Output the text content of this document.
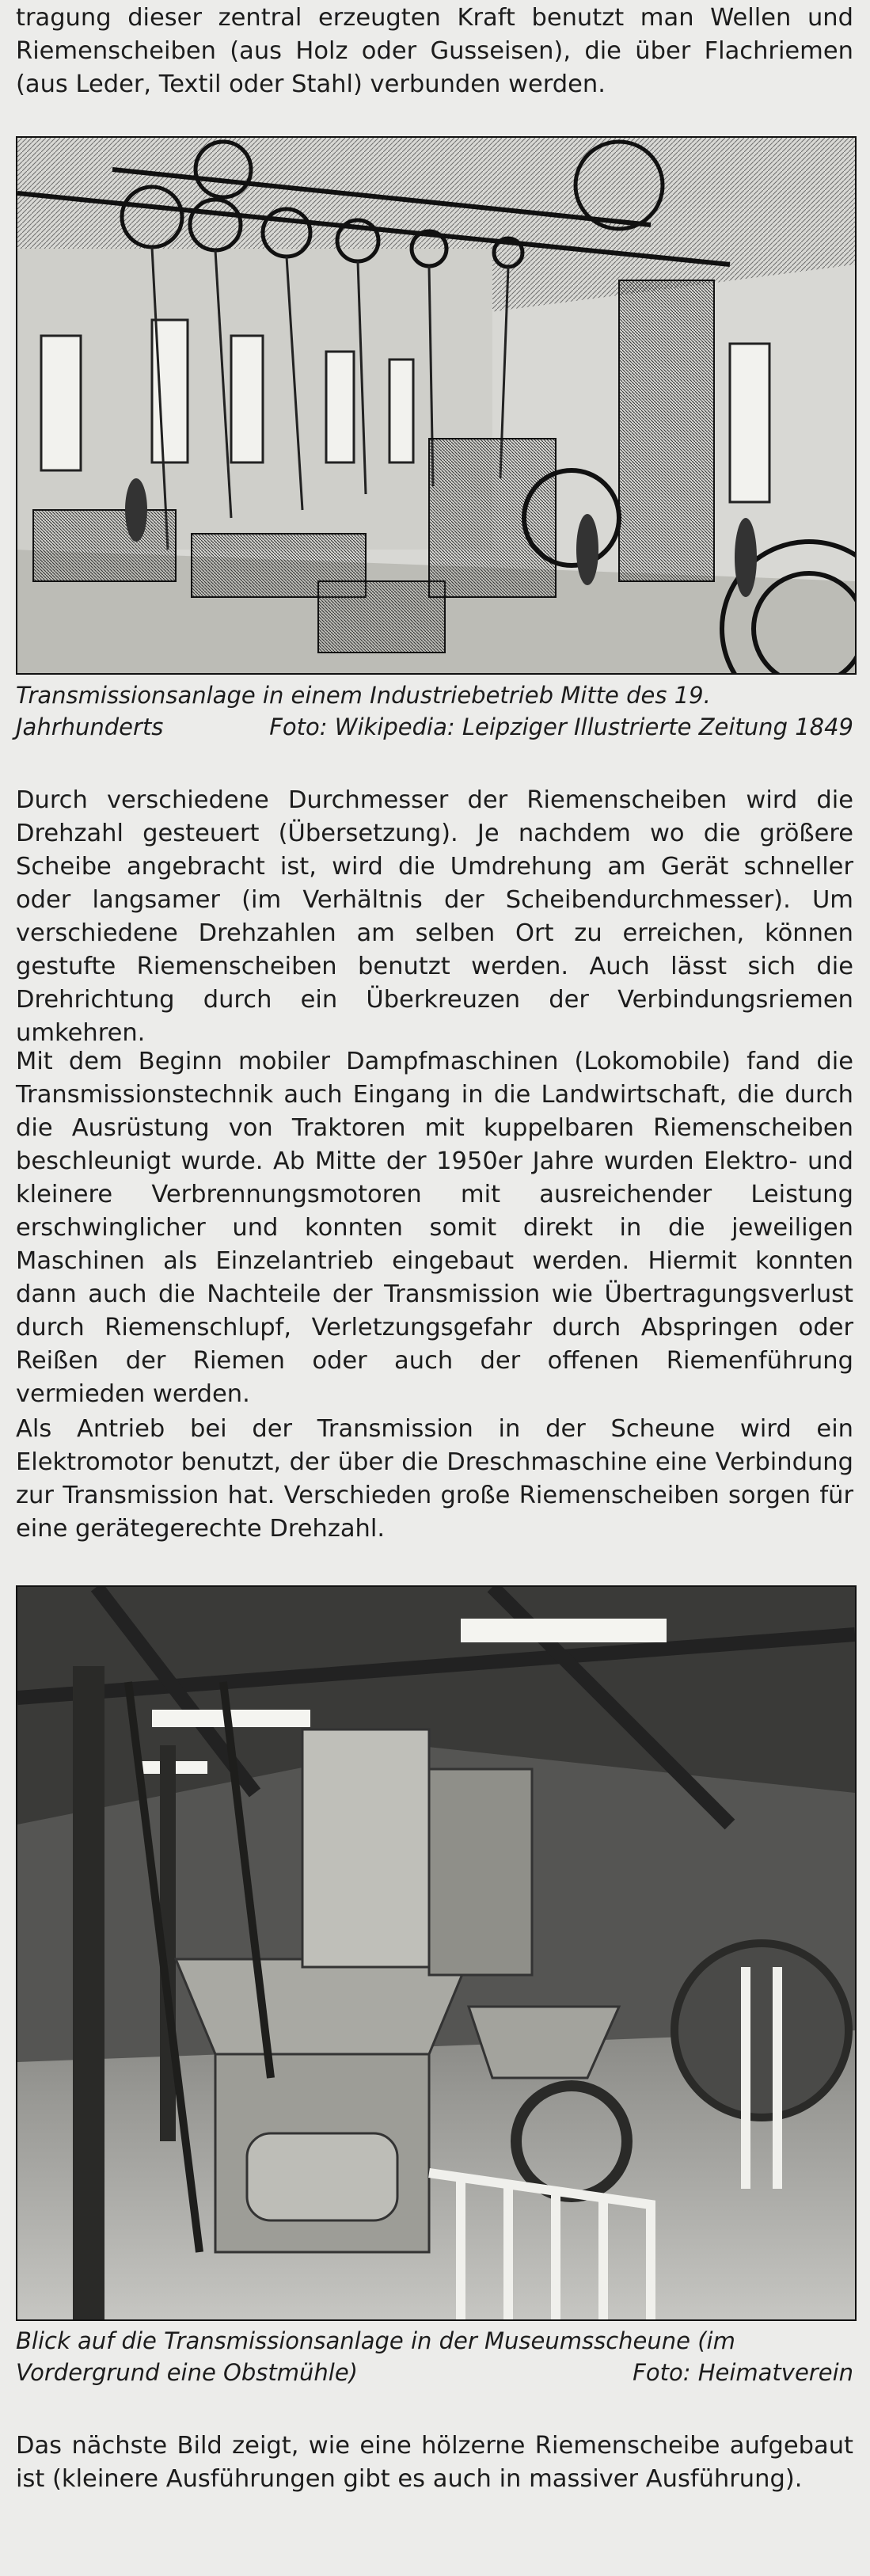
tragung dieser zentral erzeugten Kraft benutzt man Wellen und Riemenscheiben (aus Holz oder Gusseisen), die über Flachriemen (aus Leder, Textil oder Stahl) verbunden werden.

Transmissionsanlage in einem Industriebetrieb Mitte des 19. Jahrhunderts	Foto: Wikipedia: Leipziger Illustrierte Zeitung 1849

Durch verschiedene Durchmesser der Riemenscheiben wird die Drehzahl gesteuert (Übersetzung). Je nachdem wo die größere Scheibe angebracht ist, wird die Umdrehung am Gerät schneller oder langsamer (im Verhältnis der Scheibendurchmesser). Um verschiedene Drehzahlen am selben Ort zu erreichen, können gestufte Riemenscheiben benutzt werden. Auch lässt sich die Drehrichtung durch ein Überkreuzen der Verbindungsriemen umkehren.

Mit dem Beginn mobiler Dampfmaschinen (Lokomobile) fand die Transmissionstechnik auch Eingang in die Landwirtschaft, die durch die Ausrüstung von Traktoren mit kuppelbaren Riemenscheiben beschleunigt wurde. Ab Mitte der 1950er Jahre wurden Elektro- und kleinere Verbrennungsmotoren mit ausreichender Leistung erschwinglicher und konnten somit direkt in die jeweiligen Maschinen als Einzelantrieb eingebaut werden. Hiermit konnten dann auch die Nachteile der Transmission wie Übertragungsverlust durch Riemenschlupf, Verletzungsgefahr durch Abspringen oder Reißen der Riemen oder auch der offenen Riemenführung vermieden werden.

Als Antrieb bei der Transmission in der Scheune wird ein Elektromotor benutzt, der über die Dreschmaschine eine Verbindung zur Transmission hat. Verschieden große Riemenscheiben sorgen für eine gerätegerechte Drehzahl.

Blick auf die Transmissionsanlage in der Museumsscheune (im Vordergrund eine Obstmühle)	Foto: Heimatverein

Das nächste Bild zeigt, wie eine hölzerne Riemenscheibe aufgebaut ist (kleinere Ausführungen gibt es auch in massiver Ausführung).
